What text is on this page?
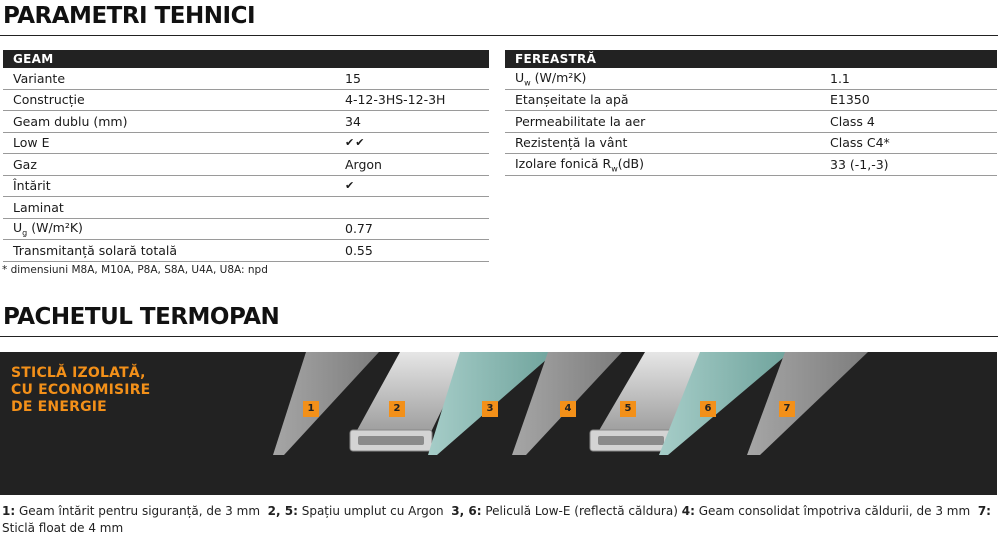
PARAMETRI TEHNICI
GEAM	
Variante	15
Construcție	4-12-3HS-12-3H
Geam dublu (mm)	34
Low E	✔✔
Gaz	Argon
Întărit	✔
Laminat	
$U_g$ (W/m²K)	0.77
Transmitanță solară totală	0.55
FEREASTRĂ	
$U_w$ (W/m²K)	1.1
Etanșeitate la apă	E1350
Permeabilitate la aer	Class 4
Rezistență la vânt	Class C4*
Izolare fonică $R_w(dB)$	33 (-1,-3)
* dimensiuni M8A, M10A, P8A, S8A, U4A, U8A: npd
PACHETUL TERMOPAN
STICLĂ IZOLATĂ,
CU ECONOMISIRE
DE ENERGIE	1	2	3	4	5	6	7
1: Geam întărit pentru siguranță, de 3 mm 2, 5: Spațiu umplut cu Argon 3, 6: Peliculă Low-E (reflectă căldura) 4: Geam consolidat împotriva căldurii, de 3 mm 7: Sticlă float de 4 mm
